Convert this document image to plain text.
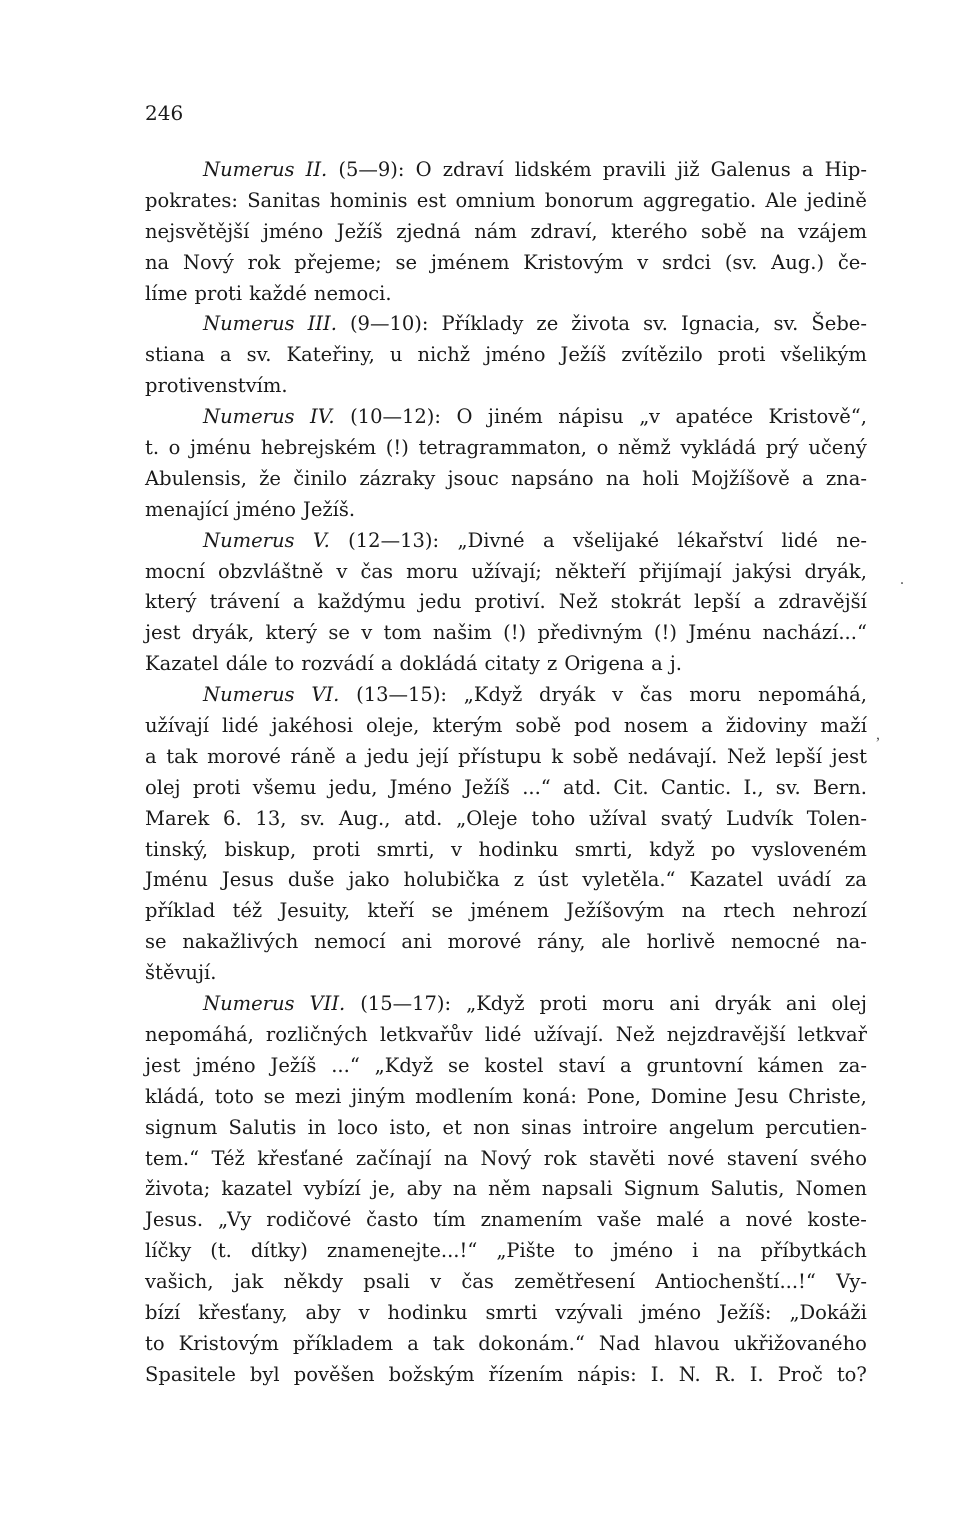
246
Numerus II. (5—9): O zdraví lidském pravili již Galenus a Hip-
pokrates: Sanitas hominis est omnium bonorum aggregatio. Ale jedině
nejsvětější jméno Ježíš zjedná nám zdraví, kterého sobě na vzájem
na Nový rok přejeme; se jménem Kristovým v srdci (sv. Aug.) če-
líme proti každé nemoci.
Numerus III. (9—10): Příklady ze života sv. Ignacia, sv. Šebe-
stiana a sv. Kateřiny, u nichž jméno Ježíš zvítězilo proti všelikým
protivenstvím.
Numerus IV. (10—12): O jiném nápisu „v apatéce Kristově“,
t. o jménu hebrejském (!) tetragrammaton, o němž vykládá prý učený
Abulensis, že činilo zázraky jsouc napsáno na holi Mojžíšově a zna-
menající jméno Ježíš.
Numerus V. (12—13): „Divné a všelijaké lékařství lidé ne-
mocní obzvláštně v čas moru užívají; někteří přijímají jakýsi dryák,
který trávení a každýmu jedu protiví. Než stokrát lepší a zdravější
jest dryák, který se v tom našim (!) předivným (!) Jménu nachází...“
Kazatel dále to rozvádí a dokládá citaty z Origena a j.
Numerus VI. (13—15): „Když dryák v čas moru nepomáhá,
užívají lidé jakéhosi oleje, kterým sobě pod nosem a židoviny maží
a tak morové ráně a jedu její přístupu k sobě nedávají. Než lepší jest
olej proti všemu jedu, Jméno Ježíš ...“ atd. Cit. Cantic. I., sv. Bern.
Marek 6. 13, sv. Aug., atd. „Oleje toho užíval svatý Ludvík Tolen-
tinský, biskup, proti smrti, v hodinku smrti, když po vysloveném
Jménu Jesus duše jako holubička z úst vyletěla.“ Kazatel uvádí za
příklad též Jesuity, kteří se jménem Ježíšovým na rtech nehrozí
se nakažlivých nemocí ani morové rány, ale horlivě nemocné na-
štěvují.
Numerus VII. (15—17): „Když proti moru ani dryák ani olej
nepomáhá, rozličných letkvařův lidé užívají. Než nejzdravější letkvař
jest jméno Ježíš ...“ „Když se kostel staví a gruntovní kámen za-
kládá, toto se mezi jiným modlením koná: Pone, Domine Jesu Christe,
signum Salutis in loco isto, et non sinas introire angelum percutien-
tem.“ Též křesťané začínají na Nový rok stavěti nové stavení svého
života; kazatel vybízí je, aby na něm napsali Signum Salutis, Nomen
Jesus. „Vy rodičové často tím znamením vaše malé a nové koste-
líčky (t. dítky) znamenejte...!“ „Pište to jméno i na příbytkách
vašich, jak někdy psali v čas zemětřesení Antiochenští...!“ Vy-
bízí křesťany, aby v hodinku smrti vzývali jméno Ježíš: „Dokáži
to Kristovým příkladem a tak dokonám.“ Nad hlavou ukřižovaného
Spasitele byl pověšen božským řízením nápis: I. N. R. I. Proč to?
.
,
